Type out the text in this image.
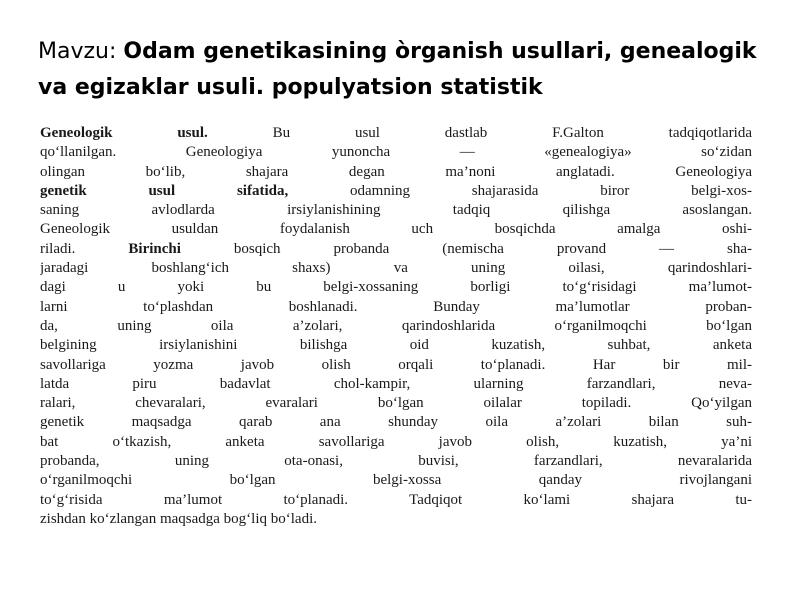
Mavzu: Odam genetikasining òrganish usullari, genealogik va egizaklar usuli. populyatsion statistik
Geneologik usul. Bu usul dastlab F.Galton tadqiqotlarida
qo‘llanilgan. Geneologiya yunoncha — «genealogiya» so‘zidan
olingan bo‘lib, shajara degan ma’noni anglatadi. Geneologiya
genetik usul sifatida, odamning shajarasida biror belgi-xos-
saning avlodlarda irsiylanishining tadqiq qilishga asoslangan.
Geneologik usuldan foydalanish uch bosqichda amalga oshi-
riladi. Birinchi bosqich probanda (nemischa provand — sha-
jaradagi boshlang‘ich shaxs) va uning oilasi, qarindoshlari-
dagi u yoki bu belgi-xossaning borligi to‘g‘risidagi ma’lumot-
larni to‘plashdan boshlanadi. Bunday ma’lumotlar proban-
da, uning oila a’zolari, qarindoshlarida o‘rganilmoqchi bo‘lgan
belgining irsiylanishini bilishga oid kuzatish, suhbat, anketa
savollariga yozma javob olish orqali to‘planadi. Har bir mil-
latda piru badavlat chol-kampir, ularning farzandlari, neva-
ralari, chevaralari, evaralari bo‘lgan oilalar topiladi. Qo‘yilgan
genetik maqsadga qarab ana shunday oila a’zolari bilan suh-
bat o‘tkazish, anketa savollariga javob olish, kuzatish, ya’ni
probanda, uning ota-onasi, buvisi, farzandlari, nevaralarida
o‘rganilmoqchi bo‘lgan belgi-xossa qanday rivojlangani
to‘g‘risida ma’lumot to‘planadi. Tadqiqot ko‘lami shajara tu-
zishdan ko‘zlangan maqsadga bog‘liq bo‘ladi.
